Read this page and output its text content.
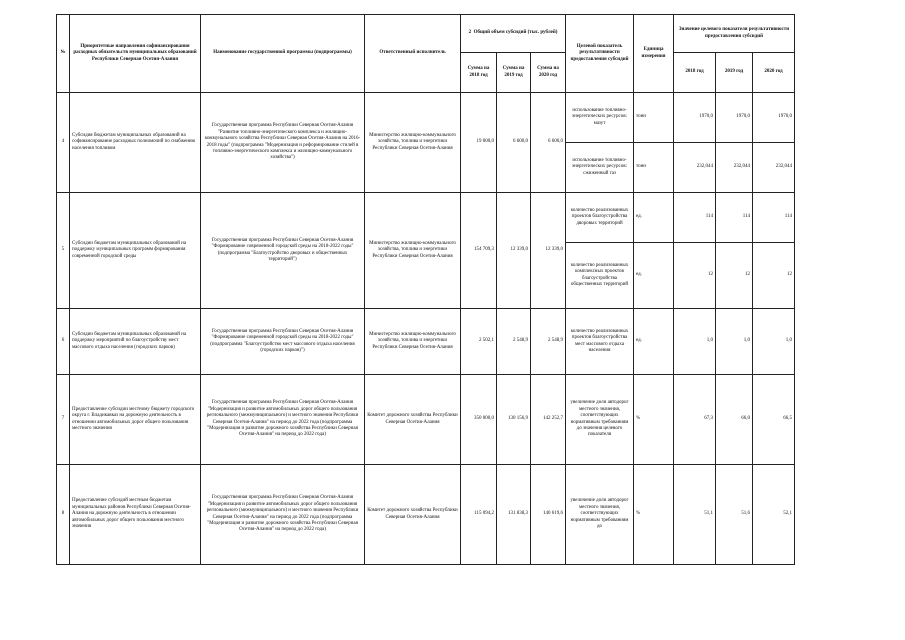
№	Приоритетные направления софинансирования расходных обязательств муниципальных образований Республики Северная Осетия-Алания	Наименование государственной программы (подпрограммы)	Ответственный исполнитель	2 Общий объем субсидий (тыс. рублей)			Целевой показатель результативности предоставления субсидий	Единица измерения	Значение целевого показателя результативности предоставления субсидий		
				Сумма на 2018 год	Сумма на 2019 год	Сумма на 2020 год			2018 год	2019 год	2020 год
4	Субсидия бюджетам муниципальных образований на софинансирование расходных полномочий по снабжению населения топливом	Государственная программа Республики Северная Осетия-Алания "Развитие топливно-энергетического комплекса и жилищно-коммунального хозяйства Республики Северная Осетия-Алания на 2016-2018 годы" (подпрограмма "Модернизация и реформирование стилей в топливно-энергетического комплекса и жилищно-коммунального хозяйства")	Министерство жилищно-коммунального хозяйства, топлива и энергетики Республики Северная Осетия-Алания	19 000,0	6 600,0	6 600,0	использование топливно-энергетических ресурсов: мазут	тонн	1970,0	1970,0	1970,0
							использование топливно-энергетических ресурсов: сжиженный газ	тонн	232,044	232,044	232,044
5	Субсидии бюджетам муниципальных образований на поддержку муниципальных программ формирования современной городской среды	Государственная программа Республики Северная Осетия-Алания "Формирование современной городской среды на 2018-2022 годы" (подпрограмма "Благоустройство дворовых и общественных территорий")	Министерство жилищно-коммунального хозяйства, топлива и энергетики Республики Северная Осетия-Алания	154 709,3	12 339,0	12 339,0	количество реализованных проектов благоустройства дворовых территорий	ед.	114	114	114
							количество реализованных комплексных проектов благоустройства общественных территорий	ед.	12	12	12
6	Субсидии бюджетам муниципальных образований на поддержку мероприятий по благоустройству мест массового отдыха населения (городских парков)	Государственная программа Республики Северная Осетия-Алания "Формирование современной городской среды на 2018-2022 годы" (подпрограмма "Благоустройство мест массового отдыха населения (городских парков)")	Министерство жилищно-коммунального хозяйства, топлива и энергетики Республики Северная Осетия-Алания	2 502,1	2 548,9	2 548,9	количество реализованных проектов благоустройства мест массового отдыха населения	ед.	1,0	1,0	1,0
7	Предоставление субсидии местному бюджету городского округа г. Владикавказ на дорожную деятельность в отношении автомобильных дорог общего пользования местного значения	Государственная программа Республики Северная Осетия-Алания "Модернизация и развитие автомобильных дорог общего пользования регионального (межмуниципального) и местного значения Республики Северная Осетия-Алания" на период до 2022 года (подпрограмма "Модернизация и развитие дорожного хозяйства Республики Северная Осетия-Алания" на период до 2022 года)	Комитет дорожного хозяйства Республики Северная Осетия-Алания	350 000,0	130 156,9	142 252,7	увеличение доли автодорог местного значения, соответствующих нормативным требованиям до значения целевого показателя	%	67,3	66,0	66,5
8	Предоставление субсидий местным бюджетам муниципальных районов Республики Северная Осетия-Алания на дорожную деятельность в отношении автомобильных дорог общего пользования местного значения	Государственная программа Республики Северная Осетия-Алания "Модернизация и развитие автомобильных дорог общего пользования регионального (межмуниципального) и местного значения Республики Северная Осетия-Алания" на период до 2022 года (подпрограмма "Модернизация и развитие дорожного хозяйства Республики Северная Осетия-Алания" на период до 2022 года)	Комитет дорожного хозяйства Республики Северная Осетия-Алания	115 094,2	131 838,3	140 619,6	увеличение доли автодорог местного значения, соответствующих нормативным требованиям до	%	51,1	51,6	52,1
